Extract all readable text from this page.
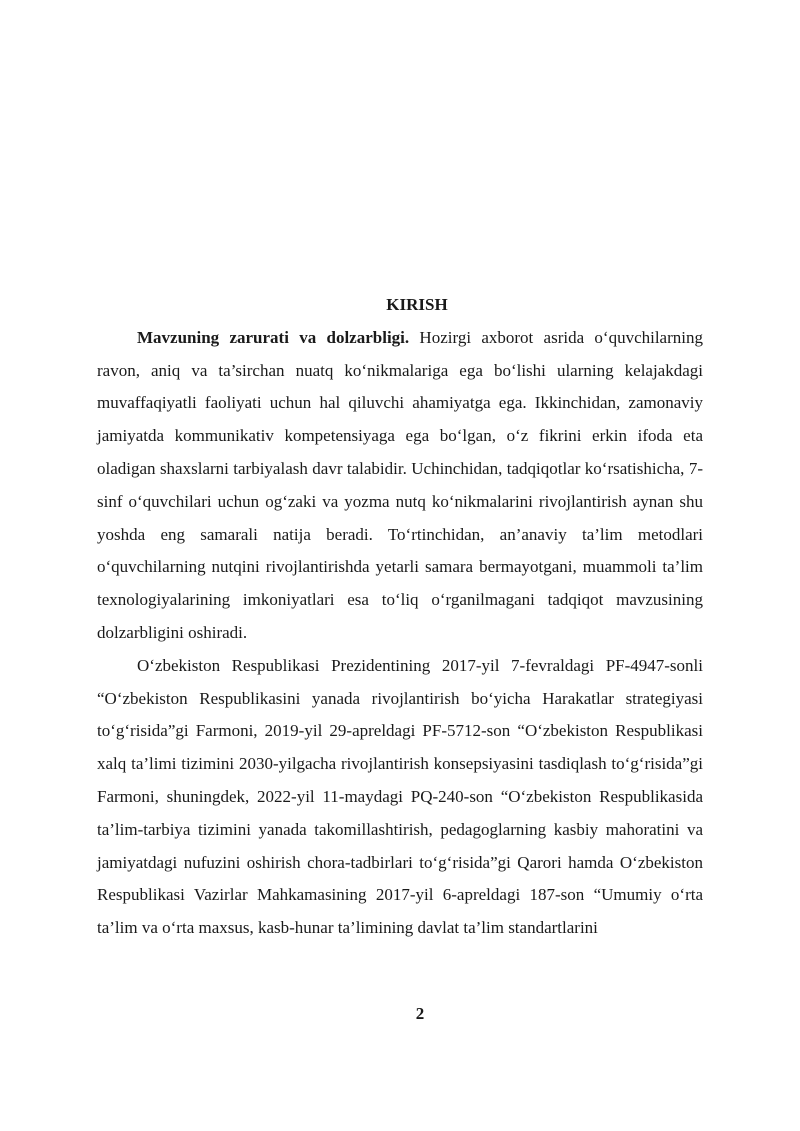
KIRISH

Mavzuning zarurati va dolzarbligi. Hozirgi axborot asrida o‘quvchilarning ravon, aniq va ta’sirchan nuatq ko‘nikmalariga ega bo‘lishi ularning kelajakdagi muvaffaqiyatli faoliyati uchun hal qiluvchi ahamiyatga ega. Ikkinchidan, zamonaviy jamiyatda kommunikativ kompetensiyaga ega bo‘lgan, o‘z fikrini erkin ifoda eta oladigan shaxslarni tarbiyalash davr talabidir. Uchinchidan, tadqiqotlar ko‘rsatishicha, 7-sinf o‘quvchilari uchun og‘zaki va yozma nutq ko‘nikmalarini rivojlantirish aynan shu yoshda eng samarali natija beradi. To‘rtinchidan, an’anaviy ta’lim metodlari o‘quvchilarning nutqini rivojlantirishda yetarli samara bermayotgani, muammoli ta’lim texnologiyalarining imkoniyatlari esa to‘liq o‘rganilmagani tadqiqot mavzusining dolzarbligini oshiradi.

O‘zbekiston Respublikasi Prezidentining 2017-yil 7-fevraldagi PF-4947-sonli “O‘zbekiston Respublikasini yanada rivojlantirish bo‘yicha Harakatlar strategiyasi to‘g‘risida”gi Farmoni, 2019-yil 29-apreldagi PF-5712-son “O‘zbekiston Respublikasi xalq ta’limi tizimini 2030-yilgacha rivojlantirish konsepsiyasini tasdiqlash to‘g‘risida”gi Farmoni, shuningdek, 2022-yil 11-maydagi PQ-240-son “O‘zbekiston Respublikasida ta’lim-tarbiya tizimini yanada takomillashtirish, pedagoglarning kasbiy mahoratini va jamiyatdagi nufuzini oshirish chora-tadbirlari to‘g‘risida”gi Qarori hamda O‘zbekiston Respublikasi Vazirlar Mahkamasining 2017-yil 6-apreldagi 187-son “Umumiy o‘rta ta’lim va o‘rta maxsus, kasb-hunar ta’limining davlat ta’lim standartlarini

2
